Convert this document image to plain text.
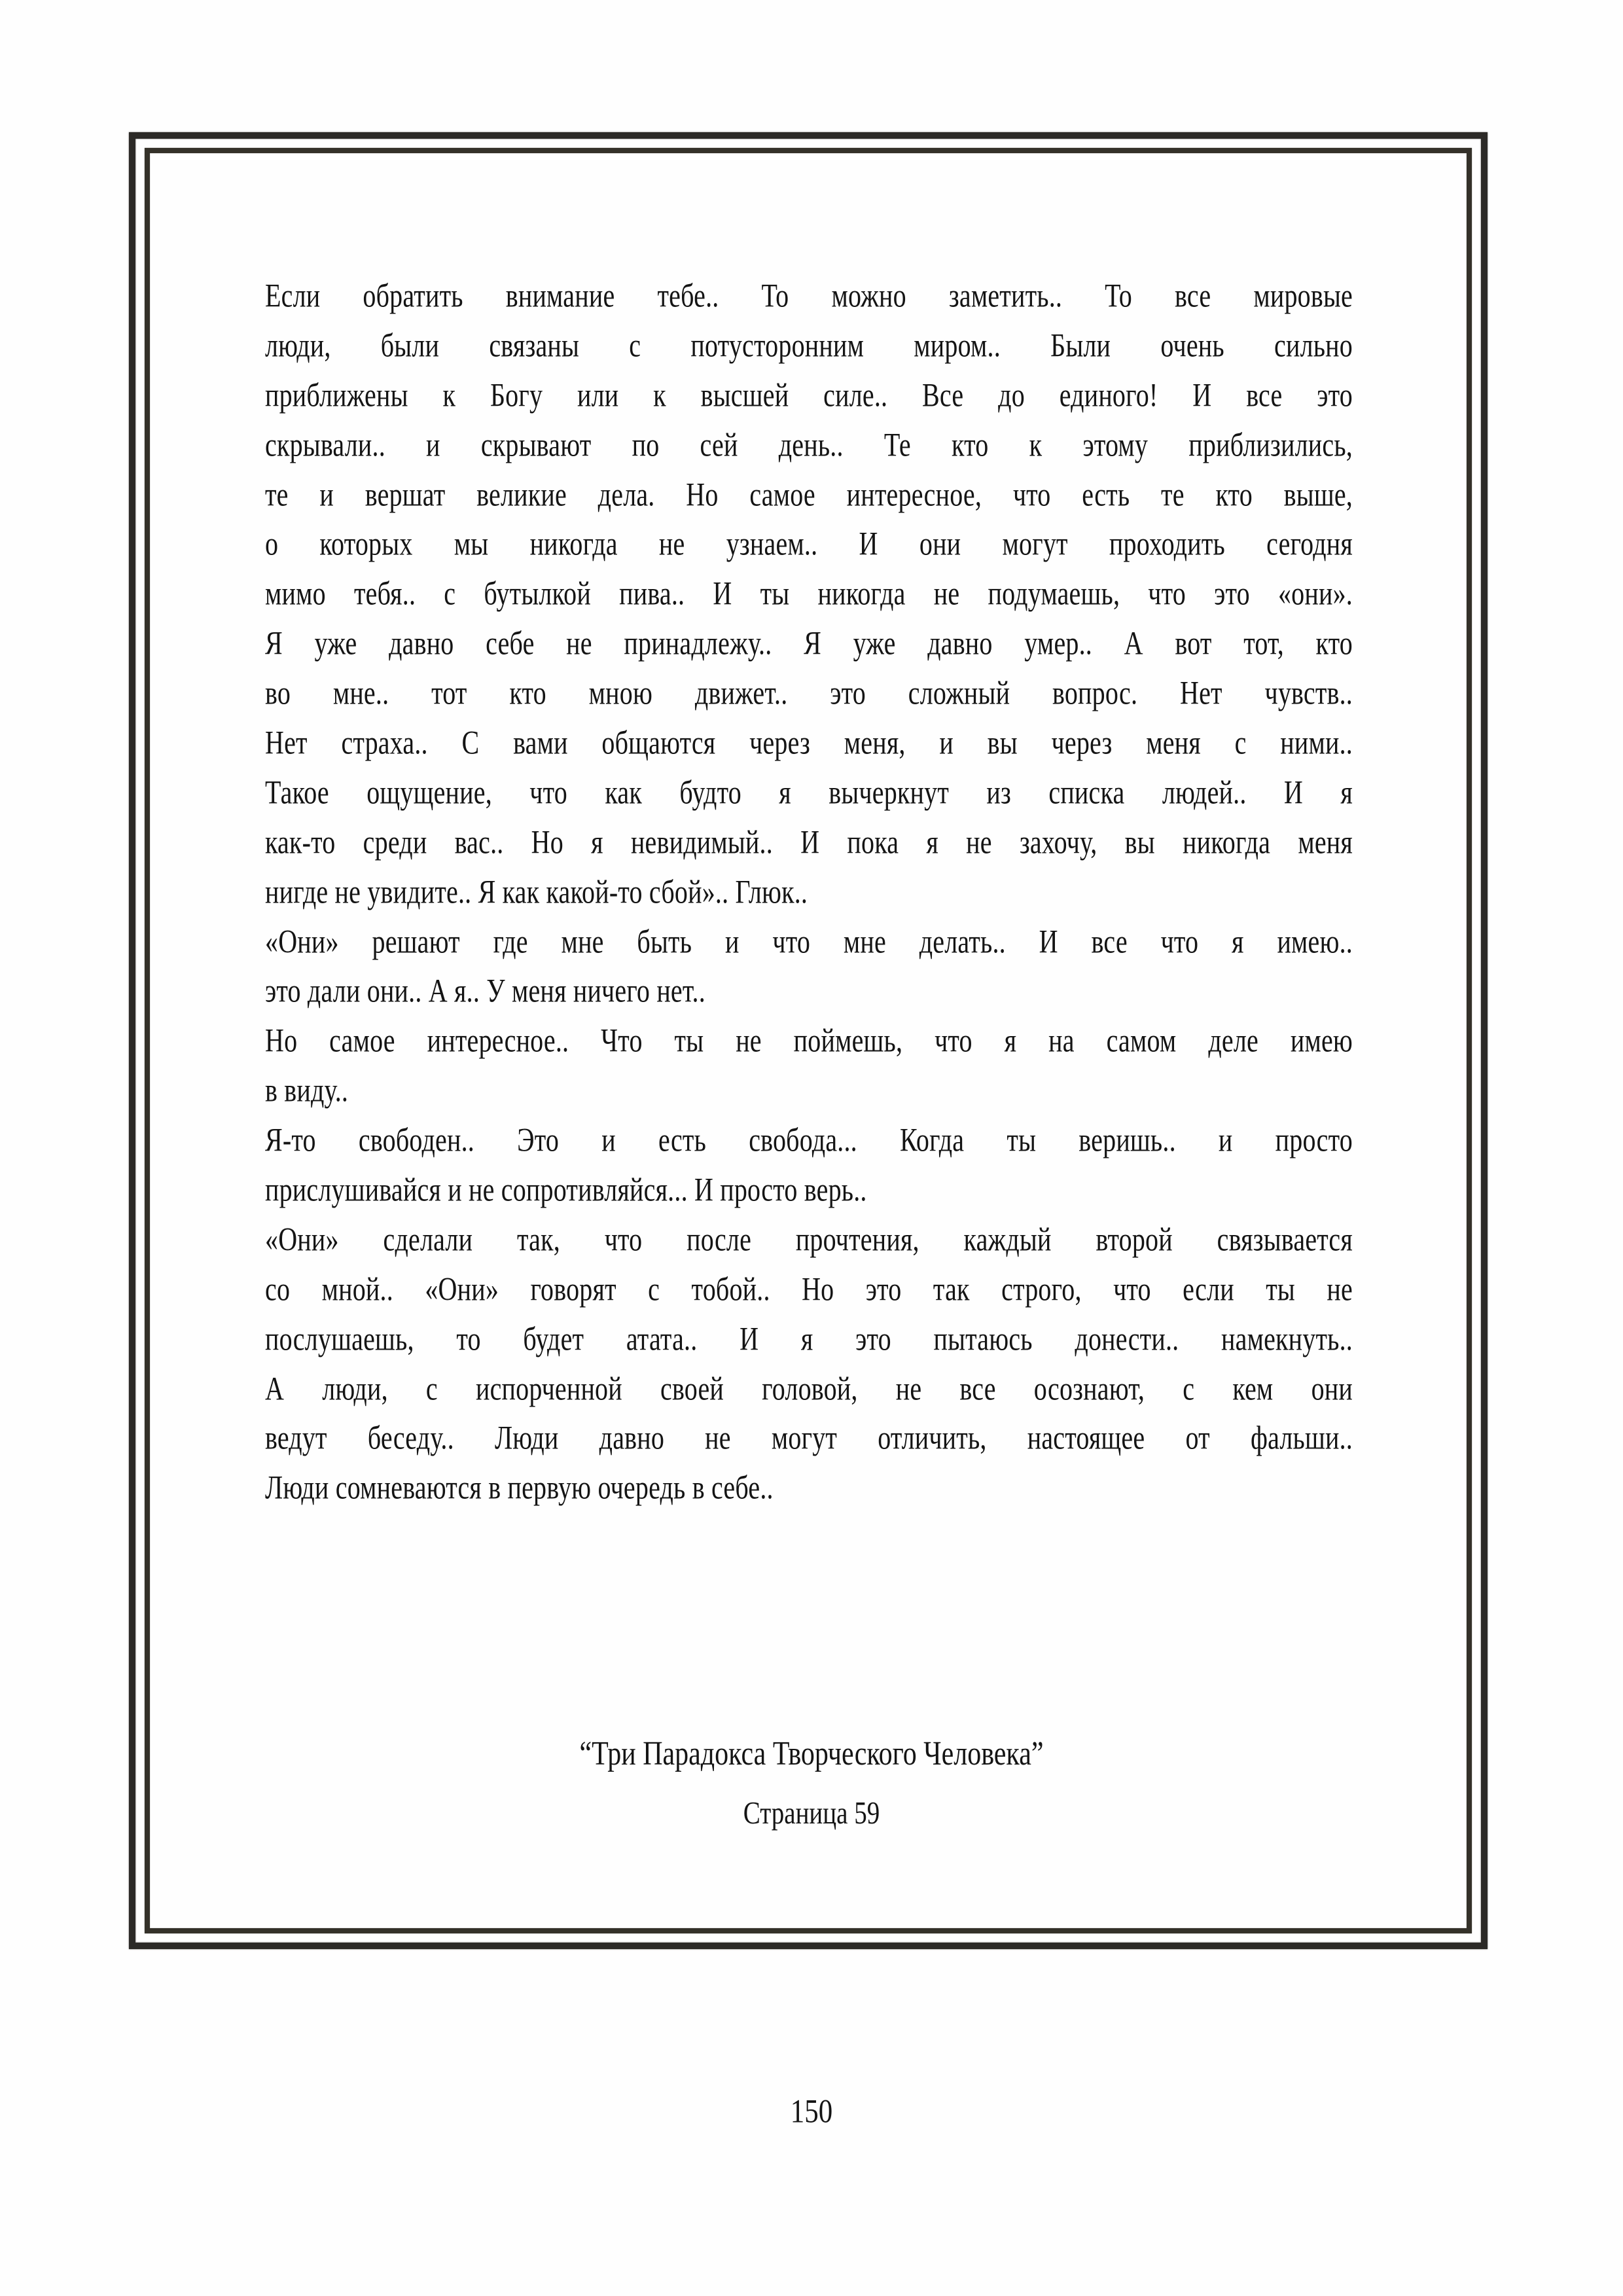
Если обратить внимание тебе.. То можно заметить.. То все мировые
люди, были связаны с потусторонним миром.. Были очень сильно
приближены к Богу или к высшей силе.. Все до единого! И все это
скрывали.. и скрывают по сей день.. Те кто к этому приблизились,
те и вершат великие дела. Но самое интересное, что есть те кто выше,
о которых мы никогда не узнаем.. И они могут проходить сегодня
мимо тебя.. с бутылкой пива.. И ты никогда не подумаешь, что это «они».
Я уже давно себе не принадлежу.. Я уже давно умер.. А вот тот, кто
во мне.. тот кто мною движет.. это сложный вопрос. Нет чувств..
Нет страха.. С вами общаются через меня, и вы через меня с ними..
Такое ощущение, что как будто я вычеркнут из списка людей.. И я
как-то среди вас.. Но я невидимый.. И пока я не захочу, вы никогда меня
нигде не увидите.. Я как какой-то сбой».. Глюк..
«Они» решают где мне быть и что мне делать.. И все что я имею..
это дали они.. А я.. У меня ничего нет..
Но самое интересное.. Что ты не поймешь, что я на самом деле имею
в виду..
Я-то свободен.. Это и есть свобода... Когда ты веришь.. и просто
прислушивайся и не сопротивляйся... И просто верь..
«Они» сделали так, что после прочтения, каждый второй связывается
со мной.. «Они» говорят с тобой.. Но это так строго, что если ты не
послушаешь, то будет атата.. И я это пытаюсь донести.. намекнуть..
А люди, с испорченной своей головой, не все осознают, с кем они
ведут беседу.. Люди давно не могут отличить, настоящее от фальши..
Люди сомневаются в первую очередь в себе..
“Три Парадокса Творческого Человека”
Страница 59
150
